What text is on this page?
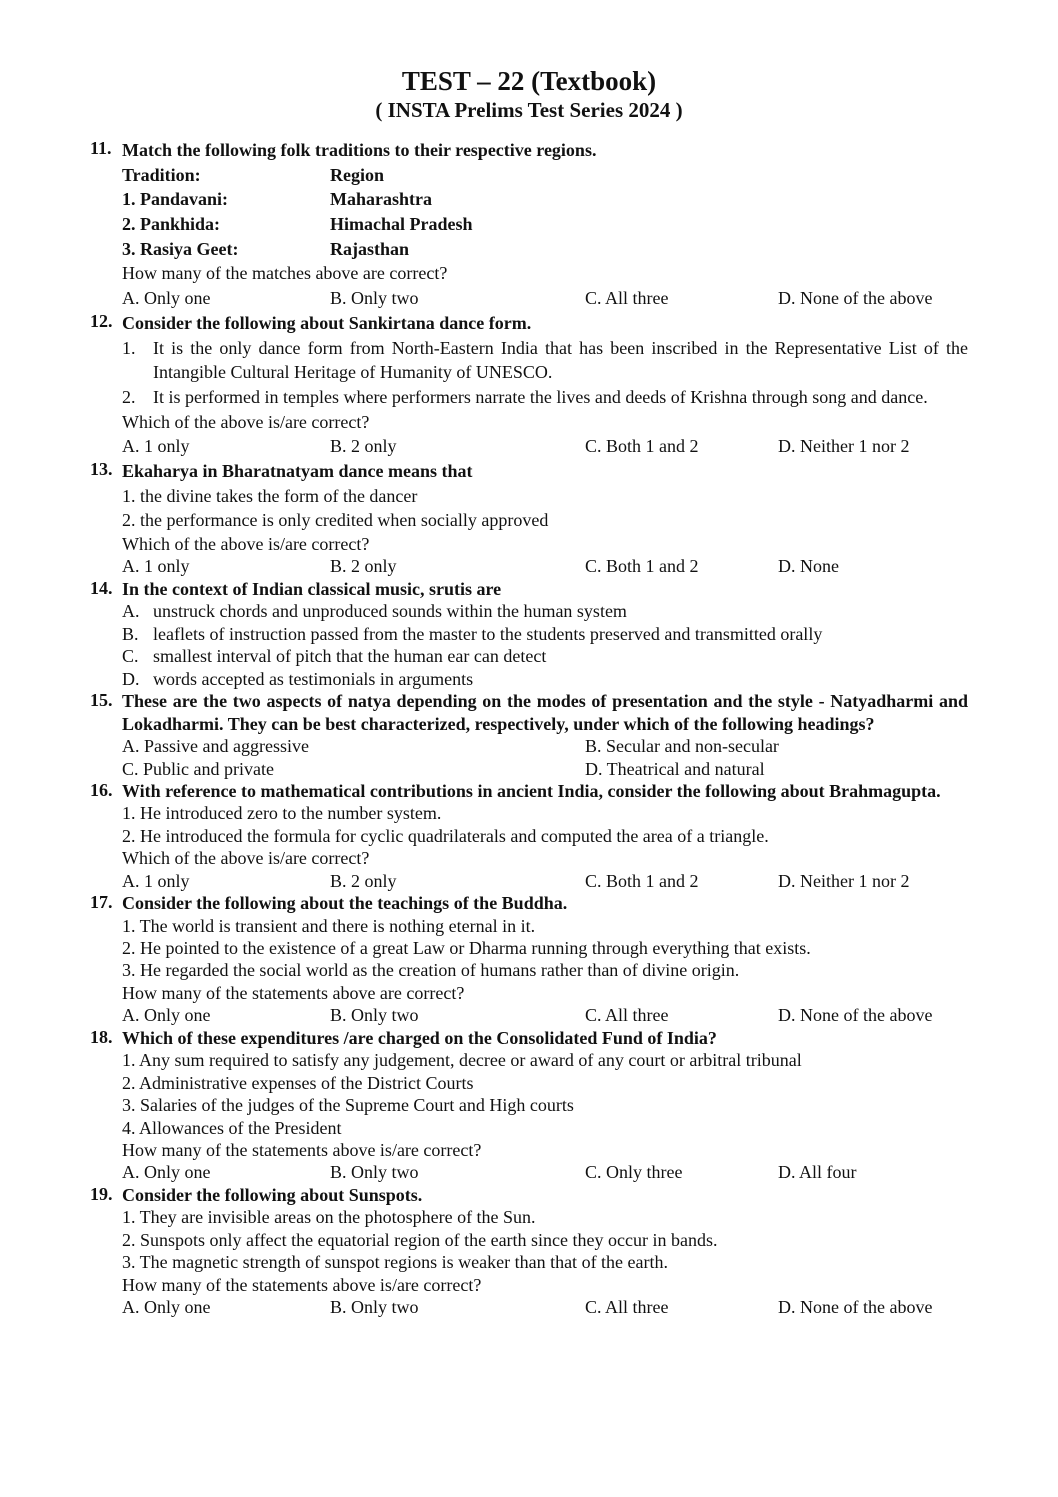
TEST – 22 (Textbook)
( INSTA Prelims Test Series 2024 )
11. Match the following folk traditions to their respective regions.
Tradition:	Region
1. Pandavani:	Maharashtra
2. Pankhida:	Himachal Pradesh
3. Rasiya Geet:	Rajasthan
How many of the matches above are correct?
A. Only one	B. Only two	C. All three	D. None of the above
12. Consider the following about Sankirtana dance form.
1. It is the only dance form from North-Eastern India that has been inscribed in the Representative List of the Intangible Cultural Heritage of Humanity of UNESCO.
2. It is performed in temples where performers narrate the lives and deeds of Krishna through song and dance.
Which of the above is/are correct?
A. 1 only	B. 2 only	C. Both 1 and 2	D. Neither 1 nor 2
13. Ekaharya in Bharatnatyam dance means that
1. the divine takes the form of the dancer
2. the performance is only credited when socially approved
Which of the above is/are correct?
A. 1 only	B. 2 only	C. Both 1 and 2	D. None
14. In the context of Indian classical music, srutis are
A. unstruck chords and unproduced sounds within the human system
B. leaflets of instruction passed from the master to the students preserved and transmitted orally
C. smallest interval of pitch that the human ear can detect
D. words accepted as testimonials in arguments
15. These are the two aspects of natya depending on the modes of presentation and the style - Natyadharmi and Lokadharmi. They can be best characterized, respectively, under which of the following headings?
A. Passive and aggressive	B. Secular and non-secular
C. Public and private	D. Theatrical and natural
16. With reference to mathematical contributions in ancient India, consider the following about Brahmagupta.
1. He introduced zero to the number system.
2. He introduced the formula for cyclic quadrilaterals and computed the area of a triangle.
Which of the above is/are correct?
A. 1 only	B. 2 only	C. Both 1 and 2	D. Neither 1 nor 2
17. Consider the following about the teachings of the Buddha.
1. The world is transient and there is nothing eternal in it.
2. He pointed to the existence of a great Law or Dharma running through everything that exists.
3. He regarded the social world as the creation of humans rather than of divine origin.
How many of the statements above are correct?
A. Only one	B. Only two	C. All three	D. None of the above
18. Which of these expenditures /are charged on the Consolidated Fund of India?
1. Any sum required to satisfy any judgement, decree or award of any court or arbitral tribunal
2. Administrative expenses of the District Courts
3. Salaries of the judges of the Supreme Court and High courts
4. Allowances of the President
How many of the statements above is/are correct?
A. Only one	B. Only two	C. Only three	D. All four
19. Consider the following about Sunspots.
1. They are invisible areas on the photosphere of the Sun.
2. Sunspots only affect the equatorial region of the earth since they occur in bands.
3. The magnetic strength of sunspot regions is weaker than that of the earth.
How many of the statements above is/are correct?
A. Only one	B. Only two	C. All three	D. None of the above
